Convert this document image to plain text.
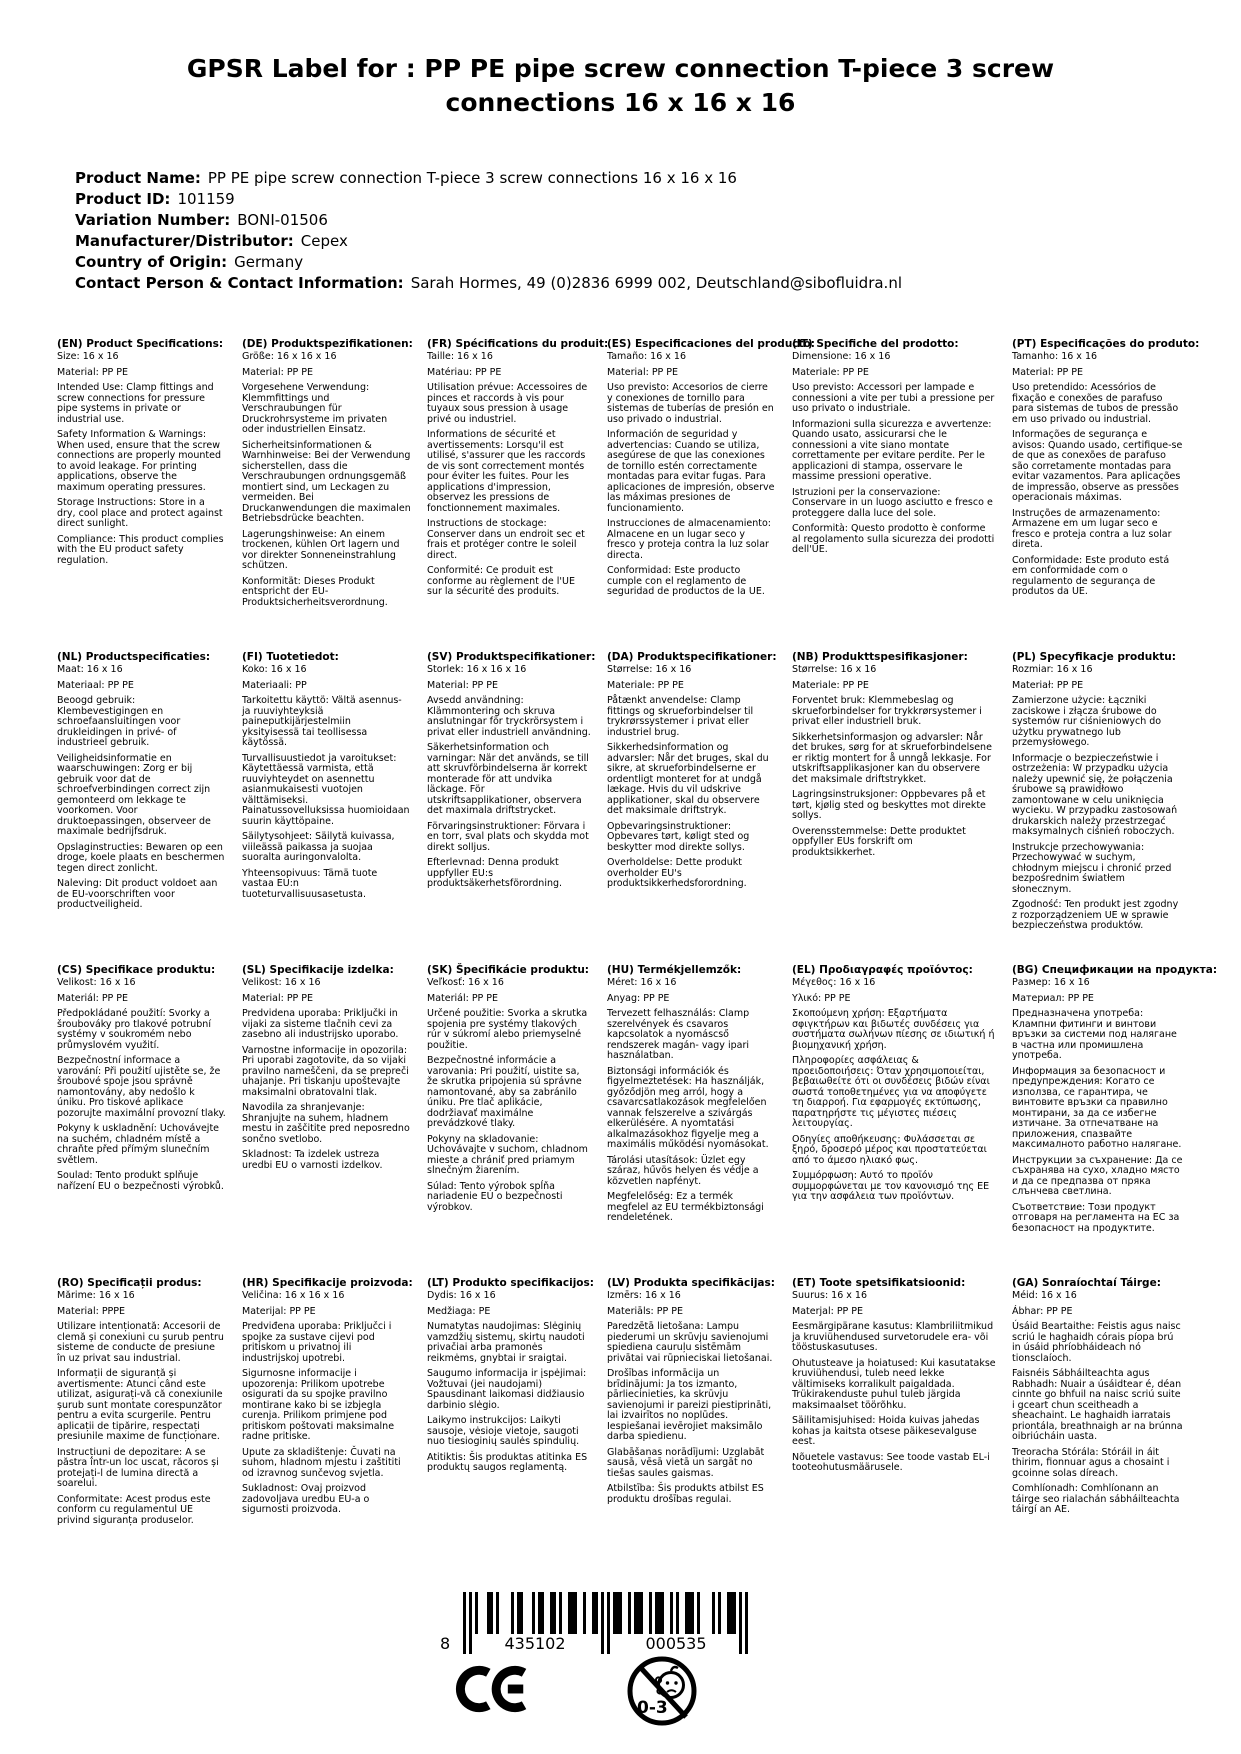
GPSR Label for : PP PE pipe screw connection T-piece 3 screw connections 16 x 16 x 16
Product Name: PP PE pipe screw connection T-piece 3 screw connections 16 x 16 x 16
Product ID: 101159
Variation Number: BONI-01506
Manufacturer/Distributor: Cepex
Country of Origin: Germany
Contact Person & Contact Information: Sarah Hormes, 49 (0)2836 6999 002, Deutschland@sibofluidra.nl
(EN) Product Specifications:
Size: 16 x 16
Material: PP PE
Intended Use: Clamp fittings and screw connections for pressure pipe systems in private or industrial use.
Safety Information & Warnings: When used, ensure that the screw connections are properly mounted to avoid leakage. For printing applications, observe the maximum operating pressures.
Storage Instructions: Store in a dry, cool place and protect against direct sunlight.
Compliance: This product complies with the EU product safety regulation.
(DE) Produktspezifikationen:
Größe: 16 x 16 x 16
Material: PP PE
Vorgesehene Verwendung: Klemmfittings und Verschraubungen für Druckrohrsysteme im privaten oder industriellen Einsatz.
Sicherheitsinformationen & Warnhinweise: Bei der Verwendung sicherstellen, dass die Verschraubungen ordnungsgemäß montiert sind, um Leckagen zu vermeiden. Bei Druckanwendungen die maximalen Betriebsdrücke beachten.
Lagerungshinweise: An einem trockenen, kühlen Ort lagern und vor direkter Sonneneinstrahlung schützen.
Konformität: Dieses Produkt entspricht der EU-Produktsicherheitsverordnung.
(FR) Spécifications du produit:
Taille: 16 x 16
Matériau: PP PE
Utilisation prévue: Accessoires de pinces et raccords à vis pour tuyaux sous pression à usage privé ou industriel.
Informations de sécurité et avertissements: Lorsqu'il est utilisé, s'assurer que les raccords de vis sont correctement montés pour éviter les fuites. Pour les applications d'impression, observez les pressions de fonctionnement maximales.
Instructions de stockage: Conserver dans un endroit sec et frais et protéger contre le soleil direct.
Conformité: Ce produit est conforme au règlement de l'UE sur la sécurité des produits.
(ES) Especificaciones del producto:
Tamaño: 16 x 16
Material: PP PE
Uso previsto: Accesorios de cierre y conexiones de tornillo para sistemas de tuberías de presión en uso privado o industrial.
Información de seguridad y advertencias: Cuando se utiliza, asegúrese de que las conexiones de tornillo estén correctamente montadas para evitar fugas. Para aplicaciones de impresión, observe las máximas presiones de funcionamiento.
Instrucciones de almacenamiento: Almacene en un lugar seco y fresco y proteja contra la luz solar directa.
Conformidad: Este producto cumple con el reglamento de seguridad de productos de la UE.
(IT) Specifiche del prodotto:
Dimensione: 16 x 16
Materiale: PP PE
Uso previsto: Accessori per lampade e connessioni a vite per tubi a pressione per uso privato o industriale.
Informazioni sulla sicurezza e avvertenze: Quando usato, assicurarsi che le connessioni a vite siano montate correttamente per evitare perdite. Per le applicazioni di stampa, osservare le massime pressioni operative.
Istruzioni per la conservazione: Conservare in un luogo asciutto e fresco e proteggere dalla luce del sole.
Conformità: Questo prodotto è conforme al regolamento sulla sicurezza dei prodotti dell'UE.
(PT) Especificações do produto:
Tamanho: 16 x 16
Material: PP PE
Uso pretendido: Acessórios de fixação e conexões de parafuso para sistemas de tubos de pressão em uso privado ou industrial.
Informações de segurança e avisos: Quando usado, certifique-se de que as conexões de parafuso são corretamente montadas para evitar vazamentos. Para aplicações de impressão, observe as pressões operacionais máximas.
Instruções de armazenamento: Armazene em um lugar seco e fresco e proteja contra a luz solar direta.
Conformidade: Este produto está em conformidade com o regulamento de segurança de produtos da UE.
(NL) Productspecificaties:
Maat: 16 x 16
Materiaal: PP PE
Beoogd gebruik: Klembevestigingen en schroefaansluitingen voor drukleidingen in privé- of industrieel gebruik.
Veiligheidsinformatie en waarschuwingen: Zorg er bij gebruik voor dat de schroefverbindingen correct zijn gemonteerd om lekkage te voorkomen. Voor druktoepassingen, observeer de maximale bedrijfsdruk.
Opslaginstructies: Bewaren op een droge, koele plaats en beschermen tegen direct zonlicht.
Naleving: Dit product voldoet aan de EU-voorschriften voor productveiligheid.
(FI) Tuotetiedot:
Koko: 16 x 16
Materiaali: PP
Tarkoitettu käyttö: Vältä asennus- ja ruuviyhteyksiä paineputkijärjestelmiin yksityisessä tai teollisessa käytössä.
Turvallisuustiedot ja varoitukset: Käytettäessä varmista, että ruuviyhteydet on asennettu asianmukaisesti vuotojen välttämiseksi. Painatussovelluksissa huomioidaan suurin käyttöpaine.
Säilytysohjeet: Säilytä kuivassa, viileässä paikassa ja suojaa suoralta auringonvalolta.
Yhteensopivuus: Tämä tuote vastaa EU:n tuoteturvallisuusasetusta.
(SV) Produktspecifikationer:
Storlek: 16 x 16 x 16
Material: PP PE
Avsedd användning: Klämmontering och skruva anslutningar för tryckrörsystem i privat eller industriell användning.
Säkerhetsinformation och varningar: När det används, se till att skruvförbindelserna är korrekt monterade för att undvika läckage. För utskriftsapplikationer, observera det maximala driftstrycket.
Förvaringsinstruktioner: Förvara i en torr, sval plats och skydda mot direkt solljus.
Efterlevnad: Denna produkt uppfyller EU:s produktsäkerhetsförordning.
(DA) Produktspecifikationer:
Størrelse: 16 x 16
Materiale: PP PE
Påtænkt anvendelse: Clamp fittings og skrueforbindelser til trykrørssystemer i privat eller industriel brug.
Sikkerhedsinformation og advarsler: Når det bruges, skal du sikre, at skrueforbindelserne er ordentligt monteret for at undgå lækage. Hvis du vil udskrive applikationer, skal du observere det maksimale driftstryk.
Opbevaringsinstruktioner: Opbevares tørt, køligt sted og beskytter mod direkte sollys.
Overholdelse: Dette produkt overholder EU's produktsikkerhedsforordning.
(NB) Produkttspesifikasjoner:
Størrelse: 16 x 16
Materiale: PP PE
Forventet bruk: Klemmebeslag og skrueforbindelser for trykkrørsystemer i privat eller industriell bruk.
Sikkerhetsinformasjon og advarsler: Når det brukes, sørg for at skrueforbindelsene er riktig montert for å unngå lekkasje. For utskriftsapplikasjoner kan du observere det maksimale driftstrykket.
Lagringsinstruksjoner: Oppbevares på et tørt, kjølig sted og beskyttes mot direkte sollys.
Overensstemmelse: Dette produktet oppfyller EUs forskrift om produktsikkerhet.
(PL) Specyfikacje produktu:
Rozmiar: 16 x 16
Materiał: PP PE
Zamierzone użycie: Łączniki zaciskowe i złącza śrubowe do systemów rur ciśnieniowych do użytku prywatnego lub przemysłowego.
Informacje o bezpieczeństwie i ostrzeżenia: W przypadku użycia należy upewnić się, że połączenia śrubowe są prawidłowo zamontowane w celu uniknięcia wycieku. W przypadku zastosowań drukarskich należy przestrzegać maksymalnych ciśnień roboczych.
Instrukcje przechowywania: Przechowywać w suchym, chłodnym miejscu i chronić przed bezpośrednim światłem słonecznym.
Zgodność: Ten produkt jest zgodny z rozporządzeniem UE w sprawie bezpieczeństwa produktów.
(CS) Specifikace produktu:
Velikost: 16 x 16
Materiál: PP PE
Předpokládané použití: Svorky a šroubováky pro tlakové potrubní systémy v soukromém nebo průmyslovém využití.
Bezpečnostní informace a varování: Při použití ujistěte se, že šroubové spoje jsou správně namontovány, aby nedošlo k úniku. Pro tiskové aplikace pozorujte maximální provozní tlaky.
Pokyny k uskladnění: Uchovávejte na suchém, chladném místě a chraňte před přímým slunečním světlem.
Soulad: Tento produkt splňuje nařízení EU o bezpečnosti výrobků.
(SL) Specifikacije izdelka:
Velikost: 16 x 16
Material: PP PE
Predvidena uporaba: Priključki in vijaki za sisteme tlačnih cevi za zasebno ali industrijsko uporabo.
Varnostne informacije in opozorila: Pri uporabi zagotovite, da so vijaki pravilno nameščeni, da se prepreči uhajanje. Pri tiskanju upoštevajte maksimalni obratovalni tlak.
Navodila za shranjevanje: Shranjujte na suhem, hladnem mestu in zaščitite pred neposredno sončno svetlobo.
Skladnost: Ta izdelek ustreza uredbi EU o varnosti izdelkov.
(SK) Špecifikácie produktu:
Veľkosť: 16 x 16
Materiál: PP PE
Určené použitie: Svorka a skrutka spojenia pre systémy tlakových rúr v súkromí alebo priemyselné použitie.
Bezpečnostné informácie a varovania: Pri použití, uistite sa, že skrutka pripojenia sú správne namontované, aby sa zabránilo úniku. Pre tlač aplikácie, dodržiavať maximálne prevádzkové tlaky.
Pokyny na skladovanie: Uchovávajte v suchom, chladnom mieste a chrániť pred priamym slnečným žiarením.
Súlad: Tento výrobok spĺňa nariadenie EÚ o bezpečnosti výrobkov.
(HU) Termékjellemzők:
Méret: 16 x 16
Anyag: PP PE
Tervezett felhasználás: Clamp szerelvények és csavaros kapcsolatok a nyomáscső rendszerek magán- vagy ipari használatban.
Biztonsági információk és figyelmeztetések: Ha használják, győződjön meg arról, hogy a csavarcsatlakozások megfelelően vannak felszerelve a szivárgás elkerülésére. A nyomtatási alkalmazásokhoz figyelje meg a maximális működési nyomásokat.
Tárolási utasítások: Üzlet egy száraz, hűvös helyen és védje a közvetlen napfényt.
Megfelelőség: Ez a termék megfelel az EU termékbiztonsági rendeletének.
(EL) Προδιαγραφές προϊόντος:
Μέγεθος: 16 x 16
Υλικό: PP PE
Σκοπούμενη χρήση: Εξαρτήματα σφιγκτήρων και βιδωτές συνδέσεις για συστήματα σωλήνων πίεσης σε ιδιωτική ή βιομηχανική χρήση.
Πληροφορίες ασφάλειας & προειδοποιήσεις: Όταν χρησιμοποιείται, βεβαιωθείτε ότι οι συνδέσεις βιδών είναι σωστά τοποθετημένες για να αποφύγετε τη διαρροή. Για εφαρμογές εκτύπωσης, παρατηρήστε τις μέγιστες πιέσεις λειτουργίας.
Οδηγίες αποθήκευσης: Φυλάσσεται σε ξηρό, δροσερό μέρος και προστατεύεται από το άμεσο ηλιακό φως.
Συμμόρφωση: Αυτό το προϊόν συμμορφώνεται με τον κανονισμό της ΕΕ για την ασφάλεια των προϊόντων.
(BG) Спецификации на продукта:
Размер: 16 x 16
Материал: PP PE
Предназначена употреба: Клампни фитинги и винтови връзки за системи под налягане в частна или промишлена употреба.
Информация за безопасност и предупреждения: Когато се използва, се гарантира, че винтовите връзки са правилно монтирани, за да се избегне изтичане. За отпечатване на приложения, спазвайте максималното работно налягане.
Инструкции за съхранение: Да се съхранява на сухо, хладно място и да се предпазва от пряка слънчева светлина.
Съответствие: Този продукт отговаря на регламента на ЕС за безопасност на продуктите.
(RO) Specificații produs:
Mărime: 16 x 16
Material: PPPE
Utilizare intenționată: Accesorii de clemă și conexiuni cu șurub pentru sisteme de conducte de presiune în uz privat sau industrial.
Informații de siguranță și avertismente: Atunci când este utilizat, asigurați-vă că conexiunile șurub sunt montate corespunzător pentru a evita scurgerile. Pentru aplicații de tipărire, respectați presiunile maxime de funcționare.
Instrucțiuni de depozitare: A se păstra într-un loc uscat, răcoros și protejați-l de lumina directă a soarelui.
Conformitate: Acest produs este conform cu regulamentul UE privind siguranța produselor.
(HR) Specifikacije proizvoda:
Veličina: 16 x 16 x 16
Materijal: PP PE
Predviđena uporaba: Priključci i spojke za sustave cijevi pod pritiskom u privatnoj ili industrijskoj upotrebi.
Sigurnosne informacije i upozorenja: Prilikom upotrebe osigurati da su spojke pravilno montirane kako bi se izbjegla curenja. Prilikom primjene pod pritiskom poštovati maksimalne radne pritiske.
Upute za skladištenje: Čuvati na suhom, hladnom mjestu i zaštititi od izravnog sunčevog svjetla.
Sukladnost: Ovaj proizvod zadovoljava uredbu EU-a o sigurnosti proizvoda.
(LT) Produkto specifikacijos:
Dydis: 16 x 16
Medžiaga: PE
Numatytas naudojimas: Slėginių vamzdžių sistemų, skirtų naudoti privačiai arba pramonės reikmėms, gnybtai ir sraigtai.
Saugumo informacija ir įspėjimai: Vožtuvai (jei naudojami) Spausdinant laikomasi didžiausio darbinio slėgio.
Laikymo instrukcijos: Laikyti sausoje, vėsioje vietoje, saugoti nuo tiesioginių saulės spindulių.
Atitiktis: Šis produktas atitinka ES produktų saugos reglamentą.
(LV) Produkta specifikācijas:
Izmērs: 16 x 16
Materiāls: PP PE
Paredzētā lietošana: Lampu piederumi un skrūvju savienojumi spiediena cauruļu sistēmām privātai vai rūpnieciskai lietošanai.
Drošības informācija un brīdinājumi: Ja tos izmanto, pārliecinieties, ka skrūvju savienojumi ir pareizi piestiprināti, lai izvairītos no noplūdes. Iespiešanai ievērojiet maksimālo darba spiedienu.
Glabāšanas norādījumi: Uzglabāt sausā, vēsā vietā un sargāt no tiešas saules gaismas.
Atbilstība: Šis produkts atbilst ES produktu drošības regulai.
(ET) Toote spetsifikatsioonid:
Suurus: 16 x 16
Materjal: PP PE
Eesmärgipärane kasutus: Klambriliitmikud ja kruviühendused survetorudele era- või tööstuskasutuses.
Ohutusteave ja hoiatused: Kui kasutatakse kruviühendusi, tuleb need lekke vältimiseks korralikult paigaldada. Trükirakenduste puhul tuleb järgida maksimaalset töörõhku.
Säilitamisjuhised: Hoida kuivas jahedas kohas ja kaitsta otsese päikesevalguse eest.
Nõuetele vastavus: See toode vastab EL-i tooteohutusmäärusele.
(GA) Sonraíochtaí Táirge:
Méid: 16 x 16
Ábhar: PP PE
Úsáid Beartaithe: Feistis agus naisc scriú le haghaidh córais píopa brú in úsáid phríobháideach nó tionsclaíoch.
Faisnéis Sábháilteachta agus Rabhadh: Nuair a úsáidtear é, déan cinnte go bhfuil na naisc scriú suite i gceart chun sceitheadh a sheachaint. Le haghaidh iarratais priontála, breathnaigh ar na brúnna oibriúcháin uasta.
Treoracha Stórála: Stóráil in áit thirim, fionnuar agus a chosaint i gcoinne solas díreach.
Comhlíonadh: Comhlíonann an táirge seo rialachán sábháilteachta táirgí an AE.
8	435102	000535
0-3
